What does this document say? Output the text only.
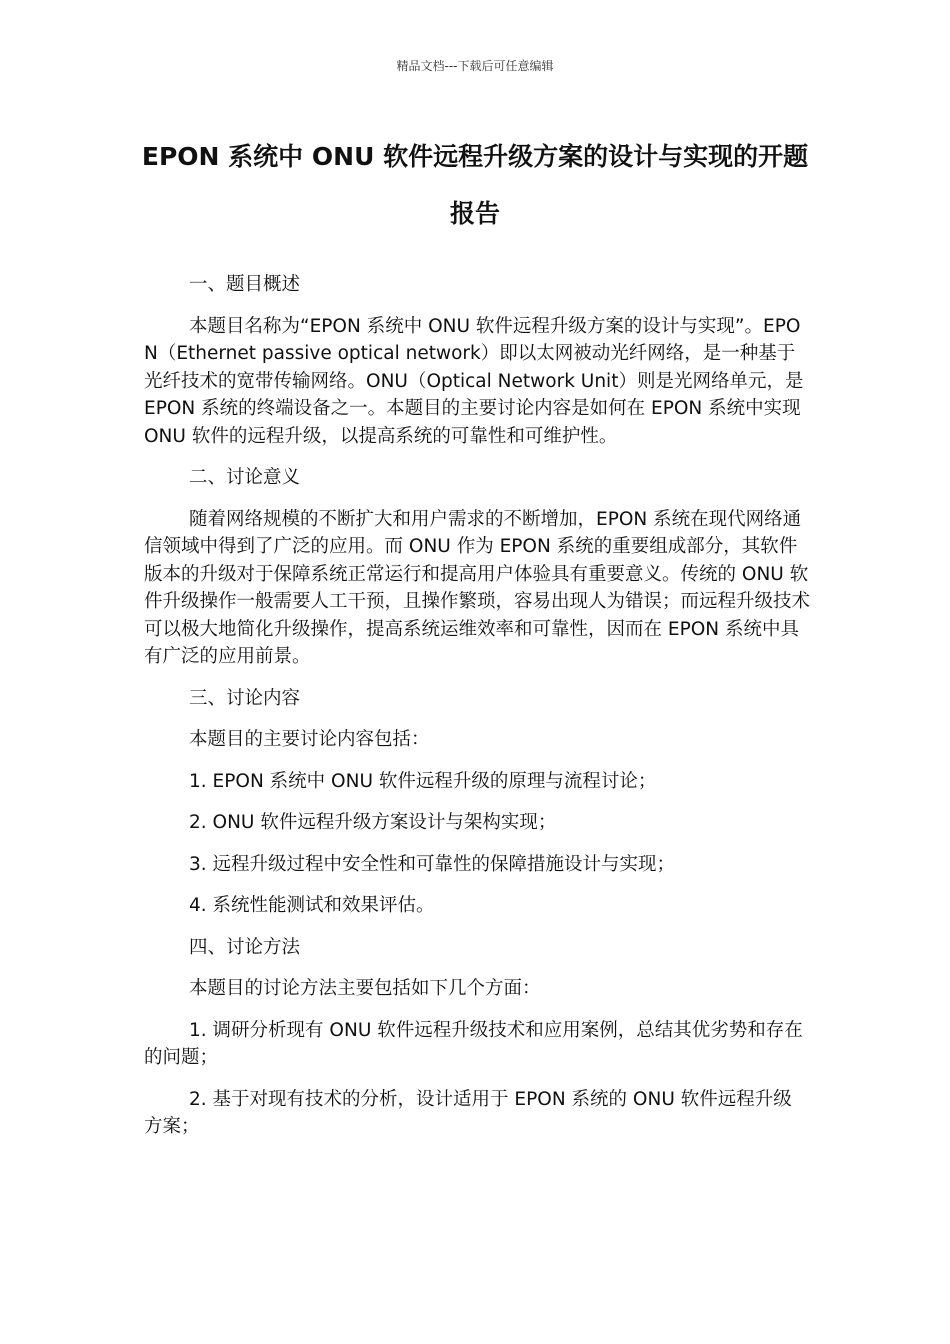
精品文档---下载后可任意编辑
EPON 系统中 ONU 软件远程升级方案的设计与实现的开题报告

一、题目概述

本题目名称为“EPON 系统中 ONU 软件远程升级方案的设计与实现”。EPON（Ethernet passive optical network）即以太网被动光纤网络，是一种基于光纤技术的宽带传输网络。ONU（Optical Network Unit）则是光网络单元，是 EPON 系统的终端设备之一。本题目的主要讨论内容是如何在 EPON 系统中实现 ONU 软件的远程升级，以提高系统的可靠性和可维护性。

二、讨论意义

随着网络规模的不断扩大和用户需求的不断增加，EPON 系统在现代网络通信领域中得到了广泛的应用。而 ONU 作为 EPON 系统的重要组成部分，其软件版本的升级对于保障系统正常运行和提高用户体验具有重要意义。传统的 ONU 软件升级操作一般需要人工干预，且操作繁琐，容易出现人为错误；而远程升级技术可以极大地简化升级操作，提高系统运维效率和可靠性，因而在 EPON 系统中具有广泛的应用前景。

三、讨论内容

本题目的主要讨论内容包括：

1. EPON 系统中 ONU 软件远程升级的原理与流程讨论；

2. ONU 软件远程升级方案设计与架构实现；

3. 远程升级过程中安全性和可靠性的保障措施设计与实现；

4. 系统性能测试和效果评估。

四、讨论方法

本题目的讨论方法主要包括如下几个方面：

1. 调研分析现有 ONU 软件远程升级技术和应用案例，总结其优劣势和存在的问题；

2. 基于对现有技术的分析，设计适用于 EPON 系统的 ONU 软件远程升级方案；
